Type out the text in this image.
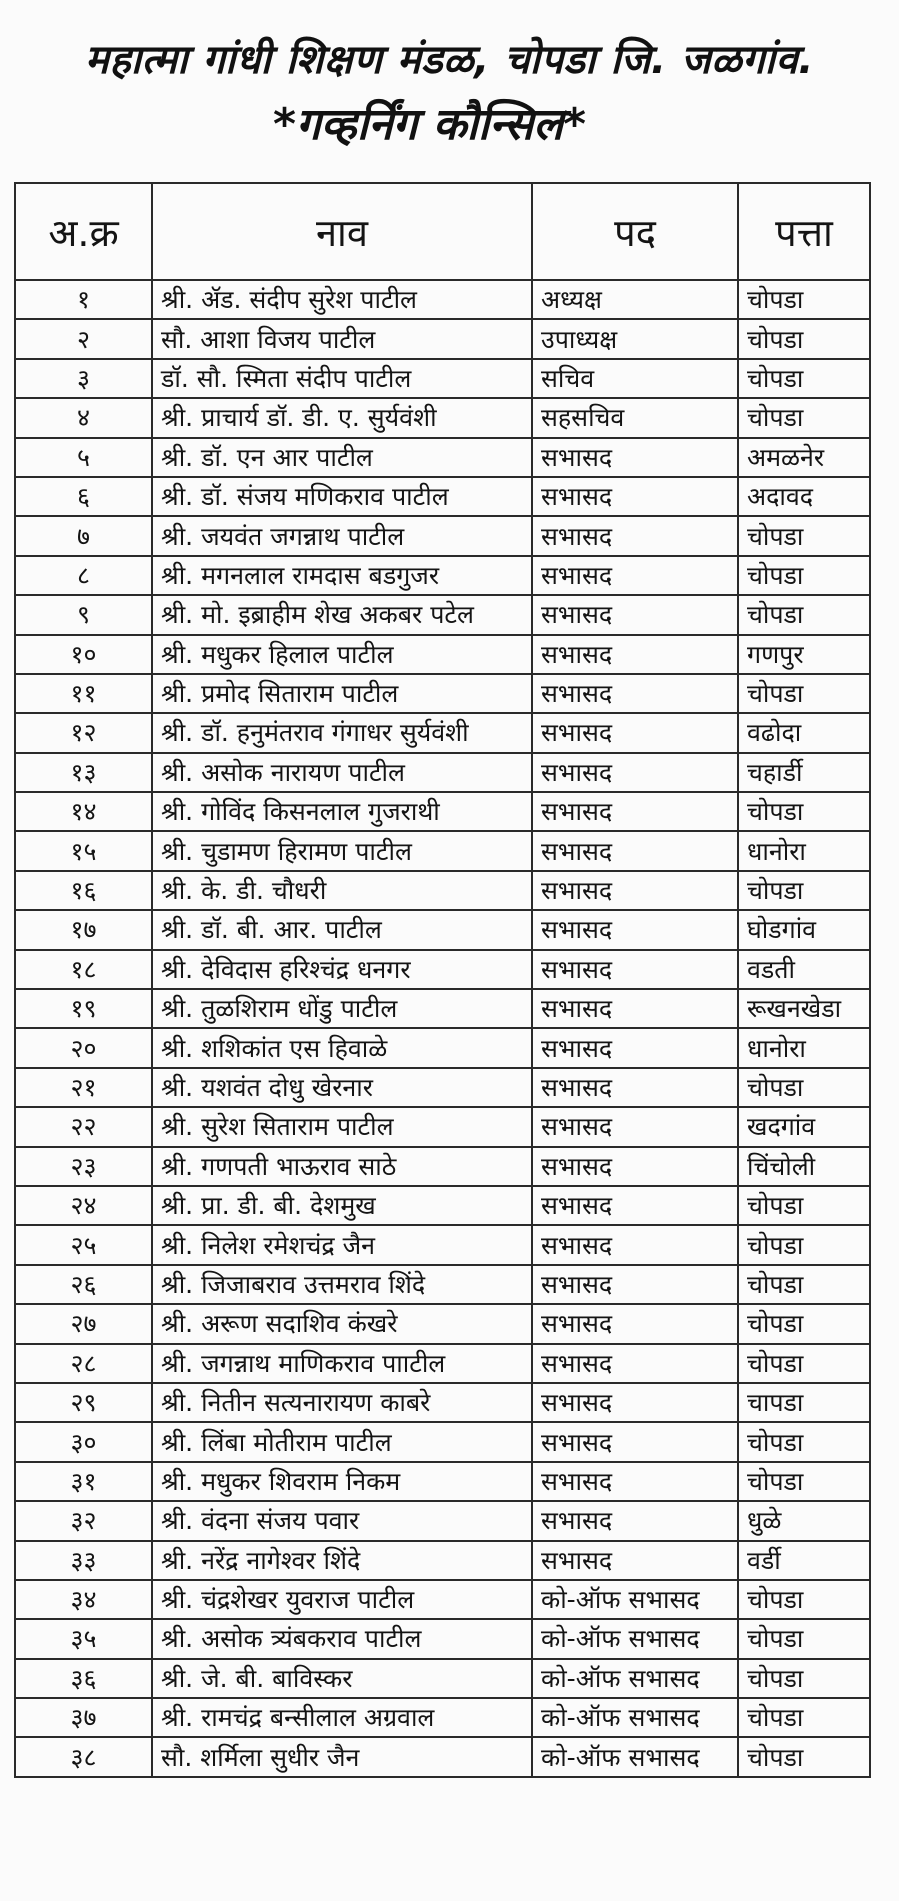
महात्मा गांधी शिक्षण मंडळ, चोपडा जि. जळगांव.
*गव्हर्निंग कौन्सिल*
अ.क्र	नाव	पद	पत्ता
१	श्री. ॲड. संदीप सुरेश पाटील	अध्यक्ष	चोपडा
२	सौ. आशा विजय पाटील	उपाध्यक्ष	चोपडा
३	डॉ. सौ. स्मिता संदीप पाटील	सचिव	चोपडा
४	श्री. प्राचार्य डॉ. डी. ए. सुर्यवंशी	सहसचिव	चोपडा
५	श्री. डॉ. एन आर पाटील	सभासद	अमळनेर
६	श्री. डॉ. संजय मणिकराव पाटील	सभासद	अदावद
७	श्री. जयवंत जगन्नाथ पाटील	सभासद	चोपडा
८	श्री. मगनलाल रामदास बडगुजर	सभासद	चोपडा
९	श्री. मो. इब्राहीम शेख अकबर पटेल	सभासद	चोपडा
१०	श्री. मधुकर हिलाल पाटील	सभासद	गणपुर
११	श्री. प्रमोद सिताराम पाटील	सभासद	चोपडा
१२	श्री. डॉ. हनुमंतराव गंगाधर सुर्यवंशी	सभासद	वढोदा
१३	श्री. असोक नारायण पाटील	सभासद	चहार्डी
१४	श्री. गोविंद किसनलाल गुजराथी	सभासद	चोपडा
१५	श्री. चुडामण हिरामण पाटील	सभासद	धानोरा
१६	श्री. के. डी. चौधरी	सभासद	चोपडा
१७	श्री. डॉ. बी. आर. पाटील	सभासद	घोडगांव
१८	श्री. देविदास हरिश्चंद्र धनगर	सभासद	वडती
१९	श्री. तुळशिराम धोंडु पाटील	सभासद	रूखनखेडा
२०	श्री. शशिकांत एस हिवाळे	सभासद	धानोरा
२१	श्री. यशवंत दोधु खेरनार	सभासद	चोपडा
२२	श्री. सुरेश सिताराम पाटील	सभासद	खदगांव
२३	श्री. गणपती भाऊराव साठे	सभासद	चिंचोली
२४	श्री. प्रा. डी. बी. देशमुख	सभासद	चोपडा
२५	श्री. निलेश रमेशचंद्र जैन	सभासद	चोपडा
२६	श्री. जिजाबराव उत्तमराव शिंदे	सभासद	चोपडा
२७	श्री. अरूण सदाशिव कंखरे	सभासद	चोपडा
२८	श्री. जगन्नाथ माणिकराव पााटील	सभासद	चोपडा
२९	श्री. नितीन सत्यनारायण काबरे	सभासद	चापडा
३०	श्री. लिंबा मोतीराम पाटील	सभासद	चोपडा
३१	श्री. मधुकर शिवराम निकम	सभासद	चोपडा
३२	श्री. वंदना संजय पवार	सभासद	धुळे
३३	श्री. नरेंद्र नागेश्वर शिंदे	सभासद	वर्डी
३४	श्री. चंद्रशेखर युवराज पाटील	को-ऑफ सभासद	चोपडा
३५	श्री. असोक त्र्यंबकराव पाटील	को-ऑफ सभासद	चोपडा
३६	श्री. जे. बी. बाविस्कर	को-ऑफ सभासद	चोपडा
३७	श्री. रामचंद्र बन्सीलाल अग्रवाल	को-ऑफ सभासद	चोपडा
३८	सौ. शर्मिला सुधीर जैन	को-ऑफ सभासद	चोपडा
